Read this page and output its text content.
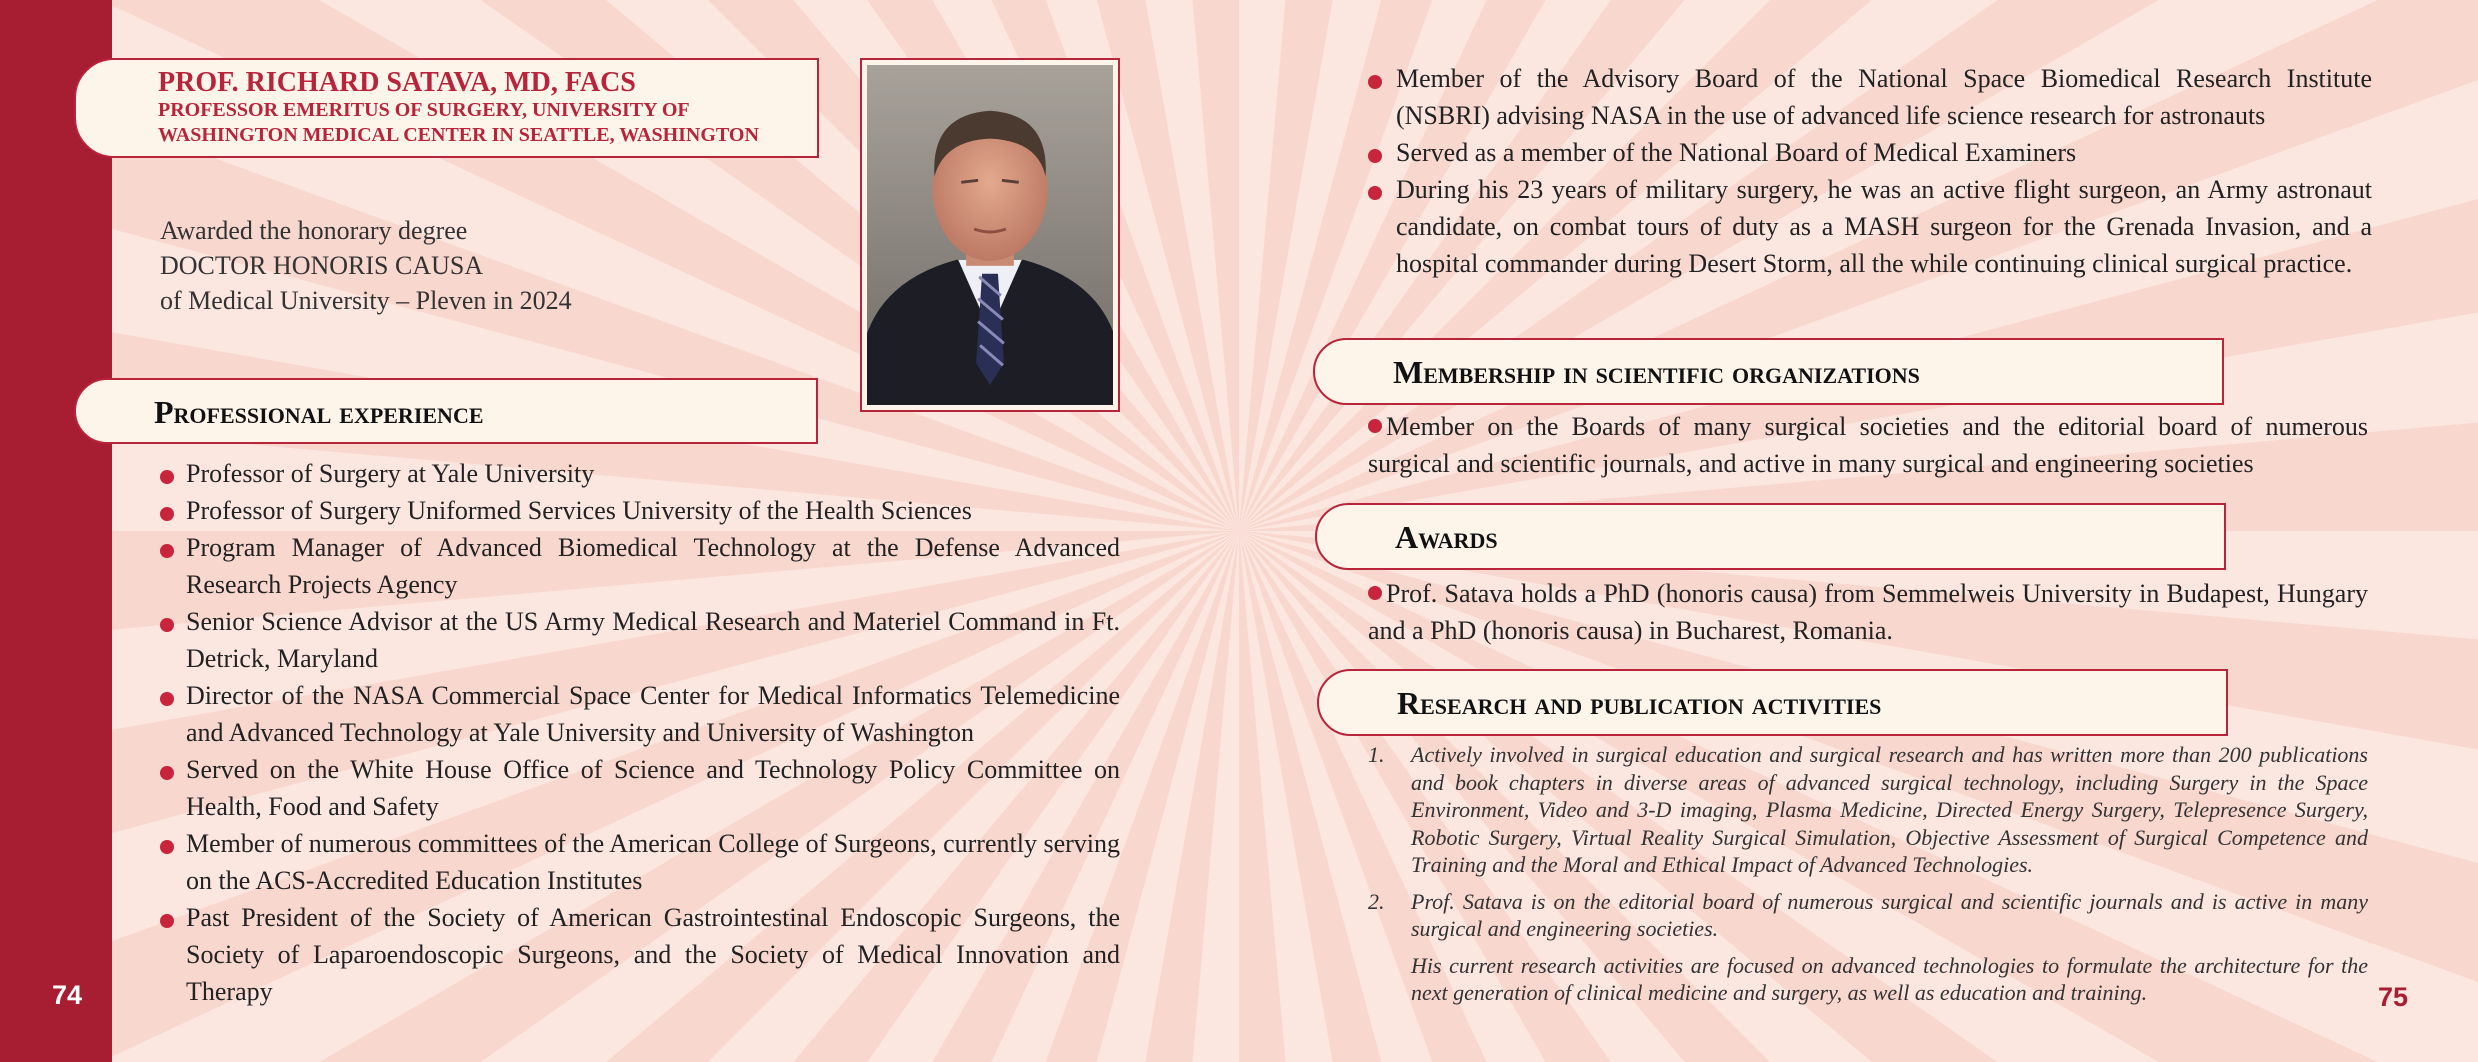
74	75
PROF. RICHARD SATAVA, MD, FACS
PROFESSOR EMERITUS OF SURGERY, UNIVERSITY OF
WASHINGTON MEDICAL CENTER IN SEATTLE, WASHINGTON
Awarded the honorary degree
DOCTOR HONORIS CAUSA
of Medical University – Pleven in 2024
Professional experience
Professor of Surgery at Yale University
Professor of Surgery Uniformed Services University of the Health Sciences
Program Manager of Advanced Biomedical Technology at the Defense Advanced Research Projects Agency
Senior Science Advisor at the US Army Medical Research and Materiel Command in Ft. Detrick, Maryland
Director of the NASA Commercial Space Center for Medical Informatics Telemedicine and Advanced Technology at Yale University and University of Washington
Served on the White House Office of Science and Technology Policy Committee on Health, Food and Safety
Member of numerous committees of the American College of Surgeons, currently serving on the ACS-Accredited Education Institutes
Past President of the Society of American Gastrointestinal Endoscopic Surgeons, the Society of Laparoendoscopic Surgeons, and the Society of Medical Innovation and Therapy
Member of the Advisory Board of the National Space Biomedical Research Institute (NSBRI) advising NASA in the use of advanced life science research for astronauts
Served as a member of the National Board of Medical Examiners
During his 23 years of military surgery, he was an active flight surgeon, an Army astronaut candidate, on combat tours of duty as a MASH surgeon for the Grenada Invasion, and a hospital commander during Desert Storm, all the while continuing clinical surgical practice.
Membership in scientific organizations
Member on the Boards of many surgical societies and the editorial board of numerous surgical and scientific journals, and active in many surgical and engineering societies
Awards
Prof. Satava holds a PhD (honoris causa) from Semmelweis University in Budapest, Hungary and a PhD (honoris causa) in Bucharest, Romania.
Research and publication activities
1. Actively involved in surgical education and surgical research and has written more than 200 publications and book chapters in diverse areas of advanced surgical technology, including Surgery in the Space Environment, Video and 3-D imaging, Plasma Medicine, Directed Energy Surgery, Telepresence Surgery, Robotic Surgery, Virtual Reality Surgical Simulation, Objective Assessment of Surgical Competence and Training and the Moral and Ethical Impact of Advanced Technologies.
2. Prof. Satava is on the editorial board of numerous surgical and scientific journals and is active in many surgical and engineering societies.
His current research activities are focused on advanced technologies to formulate the architecture for the next generation of clinical medicine and surgery, as well as education and training.
